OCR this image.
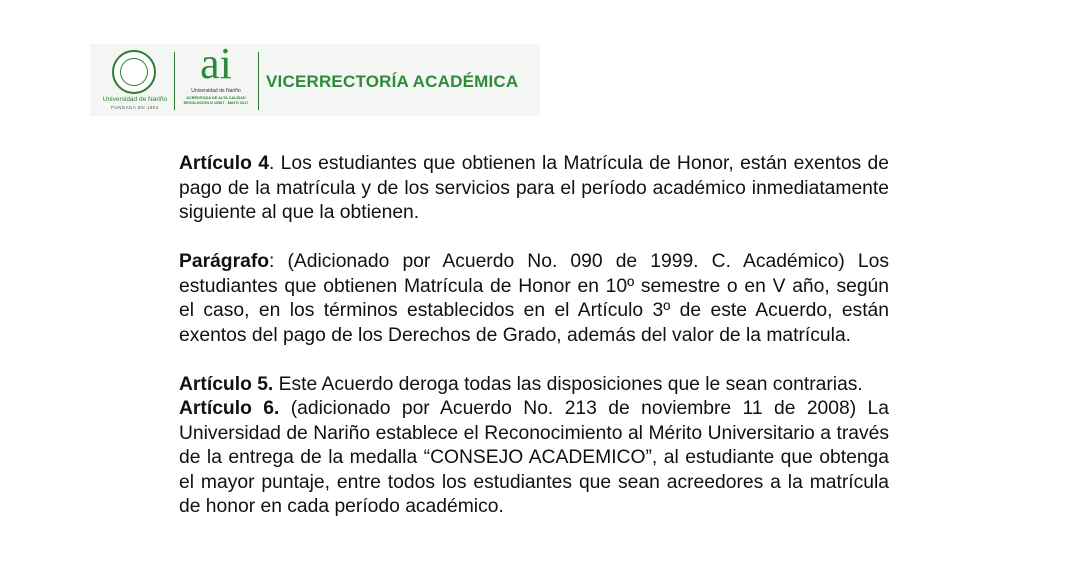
Universidad de Nariño
FUNDADA EN 1904
ai
Universidad de Nariño
ACREDITADA DE ALTA CALIDAD
RESOLUCIÓN N 10567 - MAYO 2017
VICERRECTORÍA ACADÉMICA

Artículo 4. Los estudiantes que obtienen la Matrícula de Honor, están exentos de pago de la matrícula y de los servicios para el período académico inmediatamente siguiente al que la obtienen.

Parágrafo: (Adicionado por Acuerdo No. 090 de 1999. C. Académico) Los estudiantes que obtienen Matrícula de Honor en 10º semestre o en V año, según el caso, en los términos establecidos en el Artículo 3º de este Acuerdo, están exentos del pago de los Derechos de Grado, además del valor de la matrícula.

Artículo 5. Este Acuerdo deroga todas las disposiciones que le sean contrarias.

Artículo 6. (adicionado por Acuerdo No. 213 de noviembre 11 de 2008) La Universidad de Nariño establece el Reconocimiento al Mérito Universitario a través de la entrega de la medalla “CONSEJO ACADEMICO”, al estudiante que obtenga el mayor puntaje, entre todos los estudiantes que sean acreedores a la matrícula de honor en cada período académico.
